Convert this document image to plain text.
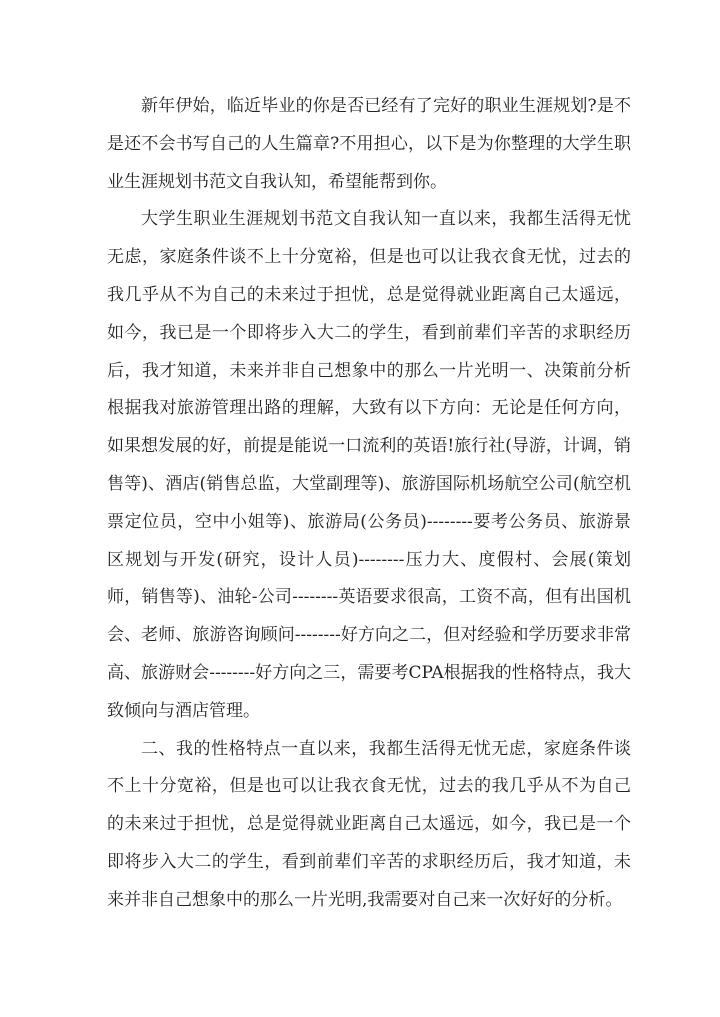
新年伊始，临近毕业的你是否已经有了完好的职业生涯规划?是不是还不会书写自己的人生篇章?不用担心，以下是为你整理的大学生职业生涯规划书范文自我认知，希望能帮到你。

大学生职业生涯规划书范文自我认知一直以来，我都生活得无忧无虑，家庭条件谈不上十分宽裕，但是也可以让我衣食无忧，过去的我几乎从不为自己的未来过于担忧，总是觉得就业距离自己太遥远，如今，我已是一个即将步入大二的学生，看到前辈们辛苦的求职经历后，我才知道，未来并非自己想象中的那么一片光明一、决策前分析根据我对旅游管理出路的理解，大致有以下方向：无论是任何方向，如果想发展的好，前提是能说一口流利的英语!旅行社(导游，计调，销售等)、酒店(销售总监，大堂副理等)、旅游国际机场航空公司(航空机票定位员，空中小姐等)、旅游局(公务员)--------要考公务员、旅游景区规划与开发(研究，设计人员)--------压力大、度假村、会展(策划师，销售等)、油轮-公司--------英语要求很高，工资不高，但有出国机会、老师、旅游咨询顾问--------好方向之二，但对经验和学历要求非常高、旅游财会--------好方向之三，需要考CPA根据我的性格特点，我大致倾向与酒店管理。

二、我的性格特点一直以来，我都生活得无忧无虑，家庭条件谈不上十分宽裕，但是也可以让我衣食无忧，过去的我几乎从不为自己的未来过于担忧，总是觉得就业距离自己太遥远，如今，我已是一个即将步入大二的学生，看到前辈们辛苦的求职经历后，我才知道，未来并非自己想象中的那么一片光明,我需要对自己来一次好好的分析。
